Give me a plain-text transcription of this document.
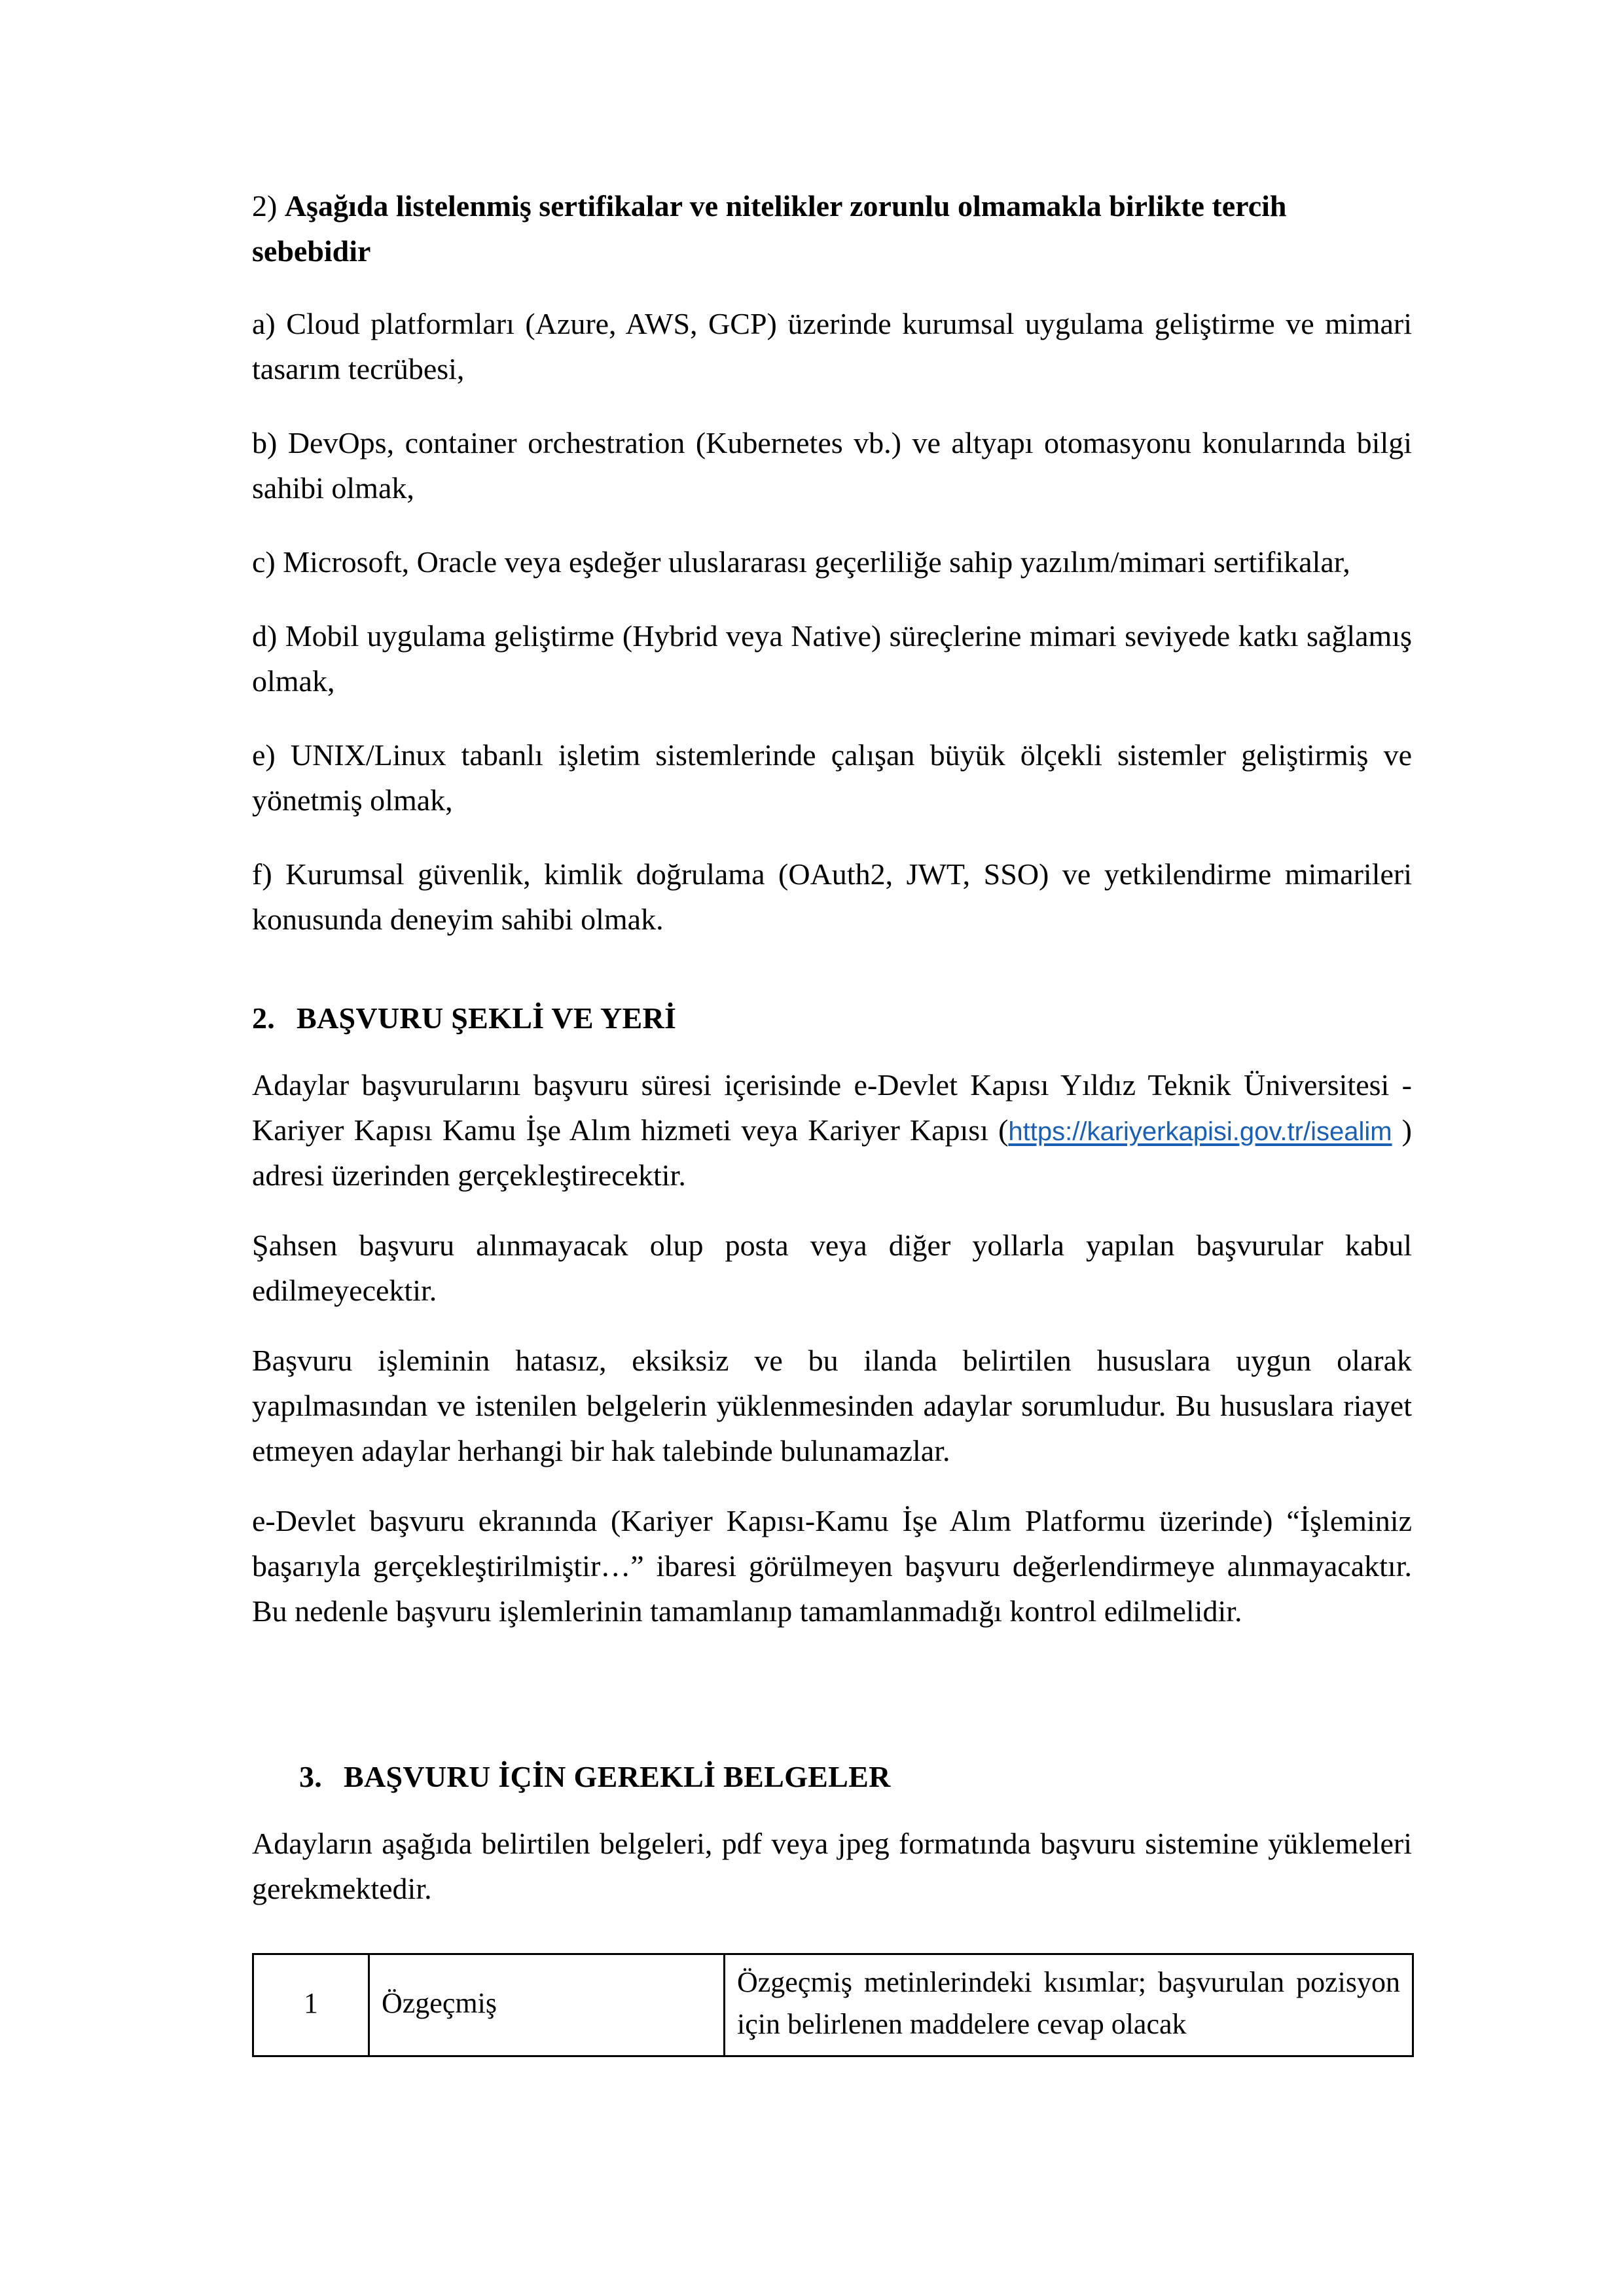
2) Aşağıda listelenmiş sertifikalar ve nitelikler zorunlu olmamakla birlikte tercih sebebidir

a) Cloud platformları (Azure, AWS, GCP) üzerinde kurumsal uygulama geliştirme ve mimari tasarım tecrübesi,

b) DevOps, container orchestration (Kubernetes vb.) ve altyapı otomasyonu konularında bilgi sahibi olmak,

c) Microsoft, Oracle veya eşdeğer uluslararası geçerliliğe sahip yazılım/mimari sertifikalar,

d) Mobil uygulama geliştirme (Hybrid veya Native) süreçlerine mimari seviyede katkı sağlamış olmak,

e) UNIX/Linux tabanlı işletim sistemlerinde çalışan büyük ölçekli sistemler geliştirmiş ve yönetmiş olmak,

f) Kurumsal güvenlik, kimlik doğrulama (OAuth2, JWT, SSO) ve yetkilendirme mimarileri konusunda deneyim sahibi olmak.

2. BAŞVURU ŞEKLİ VE YERİ

Adaylar başvurularını başvuru süresi içerisinde e-Devlet Kapısı Yıldız Teknik Üniversitesi - Kariyer Kapısı Kamu İşe Alım hizmeti veya Kariyer Kapısı (https://kariyerkapisi.gov.tr/isealim ) adresi üzerinden gerçekleştirecektir.

Şahsen başvuru alınmayacak olup posta veya diğer yollarla yapılan başvurular kabul edilmeyecektir.

Başvuru işleminin hatasız, eksiksiz ve bu ilanda belirtilen hususlara uygun olarak yapılmasından ve istenilen belgelerin yüklenmesinden adaylar sorumludur. Bu hususlara riayet etmeyen adaylar herhangi bir hak talebinde bulunamazlar.

e-Devlet başvuru ekranında (Kariyer Kapısı-Kamu İşe Alım Platformu üzerinde) “İşleminiz başarıyla gerçekleştirilmiştir…” ibaresi görülmeyen başvuru değerlendirmeye alınmayacaktır. Bu nedenle başvuru işlemlerinin tamamlanıp tamamlanmadığı kontrol edilmelidir.

3. BAŞVURU İÇİN GEREKLİ BELGELER

Adayların aşağıda belirtilen belgeleri, pdf veya jpeg formatında başvuru sistemine yüklemeleri gerekmektedir.

1	Özgeçmiş	Özgeçmiş metinlerindeki kısımlar; başvurulan pozisyon için belirlenen maddelere cevap olacak
